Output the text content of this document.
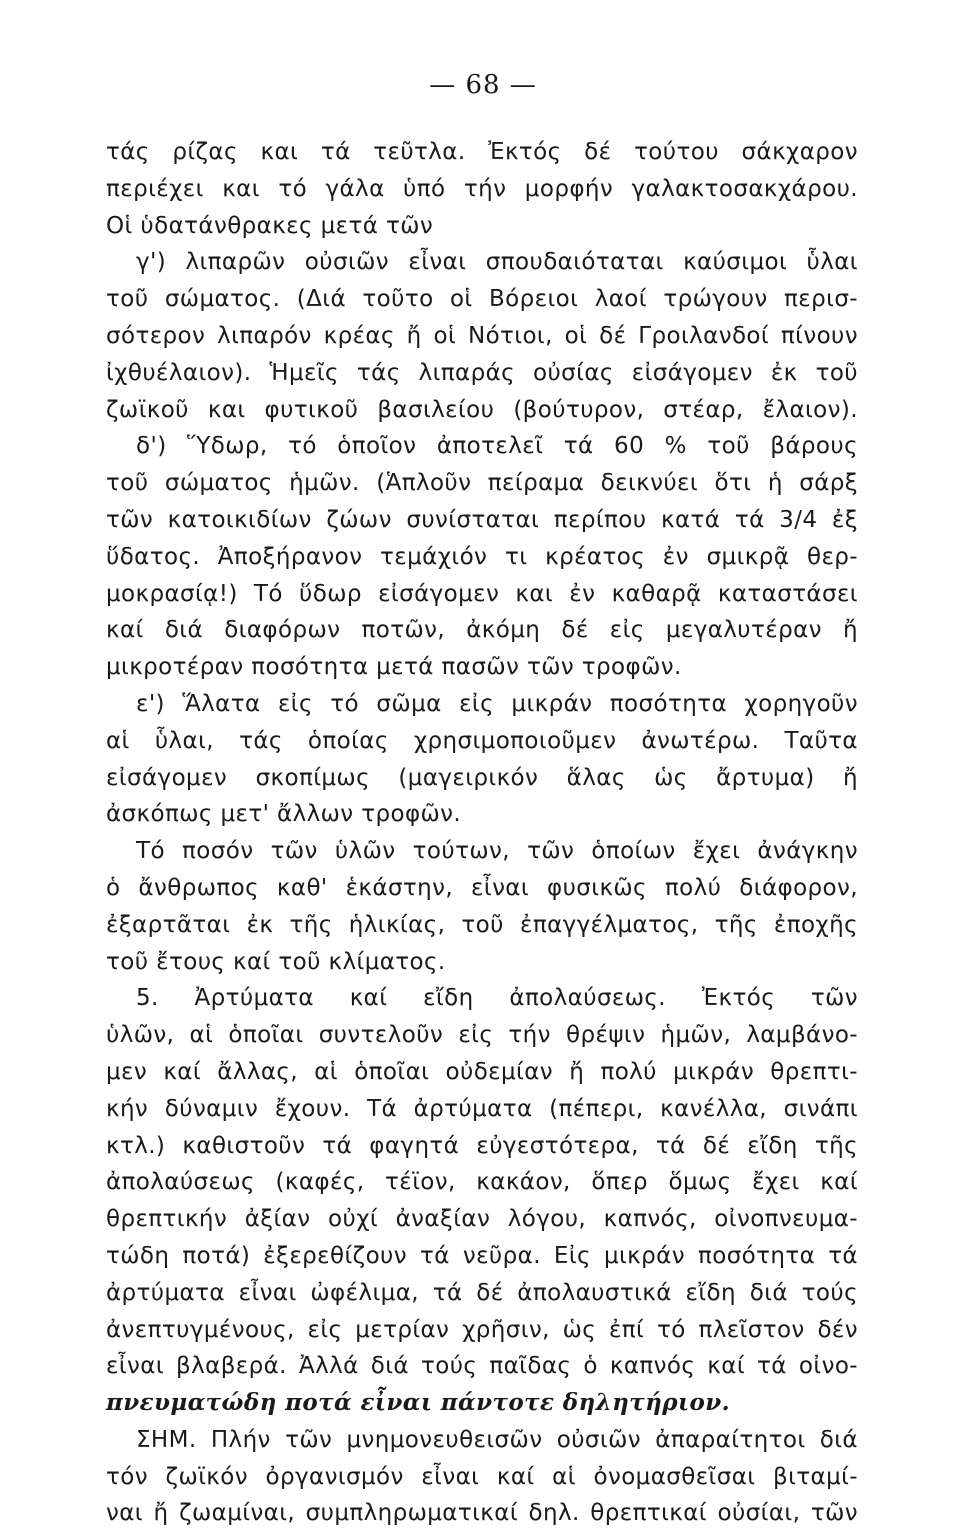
— 68 —
τάς ρίζας και τά τεῦτλα. Ἐκτός δέ τούτου σάκχαρον
περιέχει και τό γάλα ὑπό τήν μορφήν γαλακτοσακχάρου.
Οἱ ὑδατάνθρακες μετά τῶν
γ') λιπαρῶν οὐσιῶν εἶναι σπουδαιόταται καύσιμοι ὗλαι
τοῦ σώματος. (Διά τοῦτο οἱ Βόρειοι λαοί τρώγουν περισ-
σότερον λιπαρόν κρέας ἤ οἱ Νότιοι, οἱ δέ Γροιλανδοί πίνουν
ἰχθυέλαιον). Ἡμεῖς τάς λιπαράς οὐσίας εἰσάγομεν ἐκ τοῦ
ζωϊκοῦ και φυτικοῦ βασιλείου (βούτυρον, στέαρ, ἔλαιον).
δ') Ὕδωρ, τό ὁποῖον ἀποτελεῖ τά 60 % τοῦ βάρους
τοῦ σώματος ἡμῶν. (Ἁπλοῦν πείραμα δεικνύει ὅτι ἡ σάρξ
τῶν κατοικιδίων ζώων συνίσταται περίπου κατά τά 3/4 ἐξ
ὕδατος. Ἀποξήρανον τεμάχιόν τι κρέατος ἐν σμικρᾷ θερ-
μοκρασίᾳ!) Τό ὕδωρ εἰσάγομεν και ἐν καθαρᾷ καταστάσει
καί διά διαφόρων ποτῶν, ἀκόμη δέ εἰς μεγαλυτέραν ἤ
μικροτέραν ποσότητα μετά πασῶν τῶν τροφῶν.
ε') Ἅλατα εἰς τό σῶμα εἰς μικράν ποσότητα χορηγοῦν
αἱ ὗλαι, τάς ὁποίας χρησιμοποιοῦμεν ἀνωτέρω. Ταῦτα
εἰσάγομεν σκοπίμως (μαγειρικόν ἅλας ὡς ἄρτυμα) ἤ
ἀσκόπως μετ' ἄλλων τροφῶν.
Τό ποσόν τῶν ὑλῶν τούτων, τῶν ὁποίων ἔχει ἀνάγκην
ὁ ἄνθρωπος καθ' ἑκάστην, εἶναι φυσικῶς πολύ διάφορον,
ἐξαρτᾶται ἐκ τῆς ἡλικίας, τοῦ ἐπαγγέλματος, τῆς ἐποχῆς
τοῦ ἔτους καί τοῦ κλίματος.
5. Ἀρτύματα καί εἴδη ἀπολαύσεως. Ἐκτός τῶν
ὑλῶν, αἱ ὁποῖαι συντελοῦν εἰς τήν θρέψιν ἡμῶν, λαμβάνο-
μεν καί ἄλλας, αἱ ὁποῖαι οὐδεμίαν ἤ πολύ μικράν θρεπτι-
κήν δύναμιν ἔχουν. Τά ἀρτύματα (πέπερι, κανέλλα, σινάπι
κτλ.) καθιστοῦν τά φαγητά εὐγεστότερα, τά δέ εἴδη τῆς
ἀπολαύσεως (καφές, τέϊον, κακάον, ὅπερ ὅμως ἔχει καί
θρεπτικήν ἀξίαν οὐχί ἀναξίαν λόγου, καπνός, οἰνοπνευμα-
τώδη ποτά) ἐξερεθίζουν τά νεῦρα. Εἰς μικράν ποσότητα τά
ἀρτύματα εἶναι ὠφέλιμα, τά δέ ἀπολαυστικά εἴδη διά τούς
ἀνεπτυγμένους, εἰς μετρίαν χρῆσιν, ὡς ἐπί τό πλεῖστον δέν
εἶναι βλαβερά. Ἀλλά διά τούς παῖδας ὁ καπνός καί τά οἰνο-
πνευματώδη ποτά εἶναι πάντοτε δηλητήριον.
ΣΗΜ. Πλήν τῶν μνημονευθεισῶν οὐσιῶν ἀπαραίτητοι διά
τόν ζωϊκόν ὀργανισμόν εἶναι καί αἱ ὀνομασθεῖσαι βιταμί-
ναι ἤ ζωαμίναι, συμπληρωματικαί δηλ. θρεπτικαί οὐσίαι, τῶν
